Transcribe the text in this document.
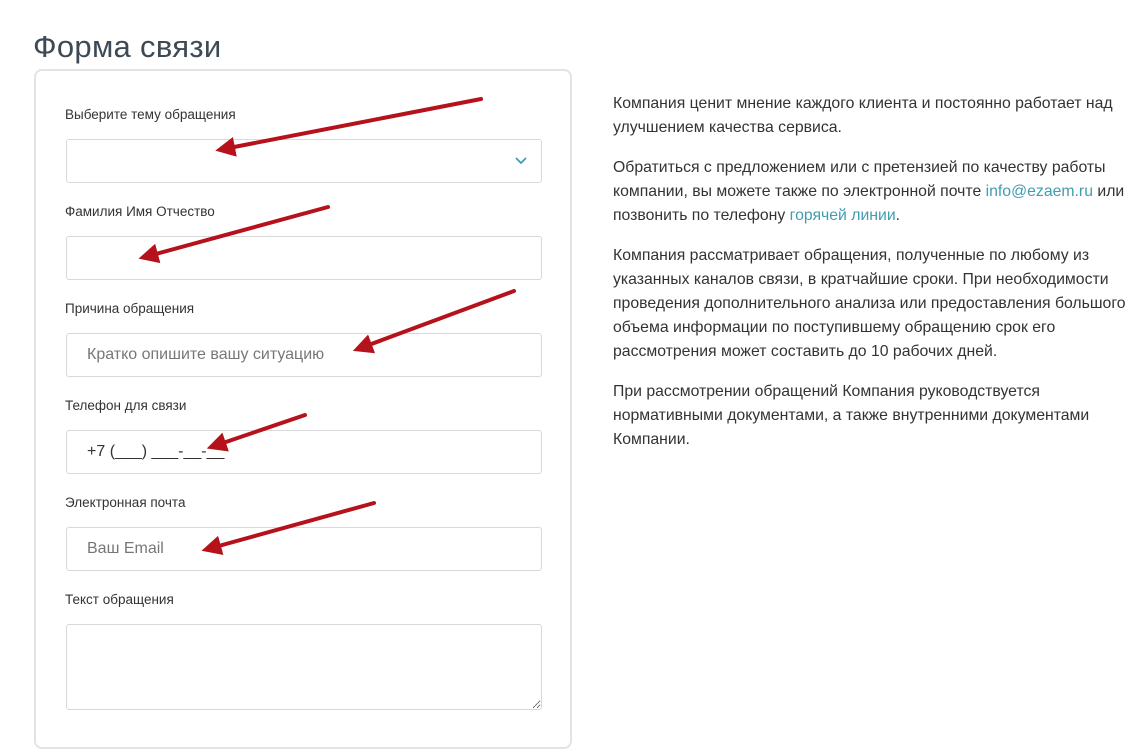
Форма связи
Выберите тему обращения
Фамилия Имя Отчество
Причина обращения
Кратко опишите вашу ситуацию
Телефон для связи
+7 (___) ___-__-__
Электронная почта
Ваш Email
Текст обращения

Компания ценит мнение каждого клиента и постоянно работает над улучшением качества сервиса.

Обратиться с предложением или с претензией по качеству работы компании, вы можете также по электронной почте info@ezaem.ru или позвонить по телефону горячей линии.

Компания рассматривает обращения, полученные по любому из указанных каналов связи, в кратчайшие сроки. При необходимости проведения дополнительного анализа или предоставления большого объема информации по поступившему обращению срок его рассмотрения может составить до 10 рабочих дней.

При рассмотрении обращений Компания руководствуется нормативными документами, а также внутренними документами Компании.
